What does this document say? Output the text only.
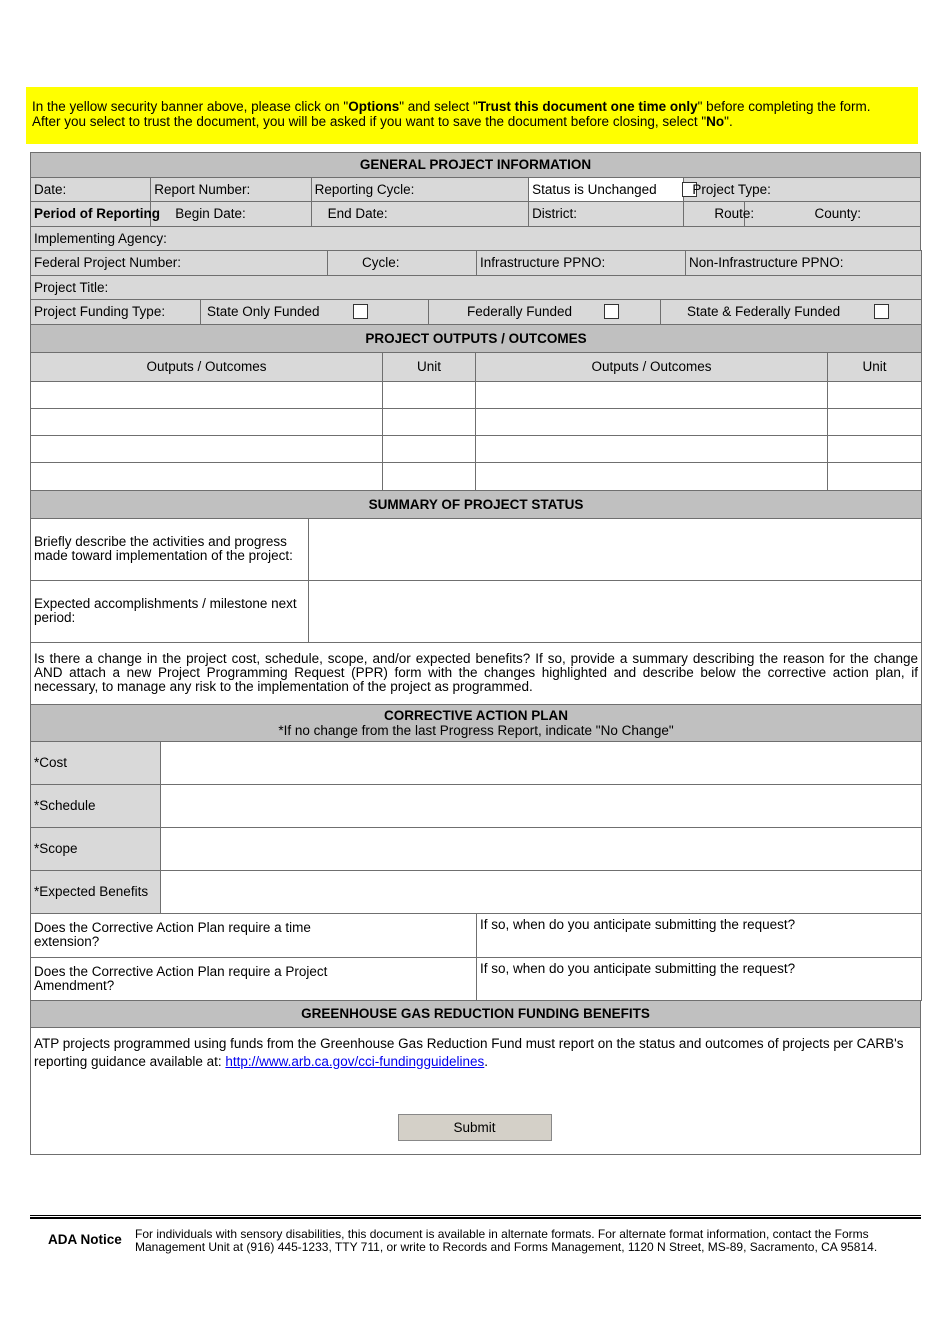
In the yellow security banner above, please click on "Options" and select "Trust this document one time only" before completing the form.
After you select to trust the document, you will be asked if you want to save the document before closing, select "No".
GENERAL PROJECT INFORMATION					
Date:	Report Number:	Reporting Cycle:	Status is Unchanged	Project Type:	
Period of Reporting	Begin Date:	End Date:	District:	Route:	County:
Implementing Agency:					
Federal Project Number:	Cycle:	Infrastructure PPNO:	Non-Infrastructure PPNO:
Project Title:
Project Funding Type:	State Only Funded	Federally Funded	State & Federally Funded
PROJECT OUTPUTS / OUTCOMES			
Outputs / Outcomes	Unit	Outputs / Outcomes	Unit

SUMMARY OF PROJECT STATUS	
Briefly describe the activities and progress made toward implementation of the project:	
Expected accomplishments / milestone next period:	
Is there a change in the project cost, schedule, scope, and/or expected benefits? If so, provide a summary describing the reason for the change AND attach a new Project Programming Request (PPR) form with the changes highlighted and describe below the corrective action plan, if necessary, to manage any risk to the implementation of the project as programmed.	
CORRECTIVE ACTION PLAN
*If no change from the last Progress Report, indicate "No Change"		

*Cost		
*Schedule		
*Scope		
*Expected Benefits		
Does the Corrective Action Plan require a time extension?		If so, when do you anticipate submitting the request?
Does the Corrective Action Plan require a Project Amendment?		If so, when do you anticipate submitting the request?
GREENHOUSE GAS REDUCTION FUNDING BENEFITS
ATP projects programmed using funds from the Greenhouse Gas Reduction Fund must report on the status and outcomes of projects per CARB's reporting guidance available at: http://www.arb.ca.gov/cci-fundingguidelines.
Submit
ADA Notice	For individuals with sensory disabilities, this document is available in alternate formats. For alternate format information, contact the Forms Management Unit at (916) 445-1233, TTY 711, or write to Records and Forms Management, 1120 N Street, MS-89, Sacramento, CA 95814.
